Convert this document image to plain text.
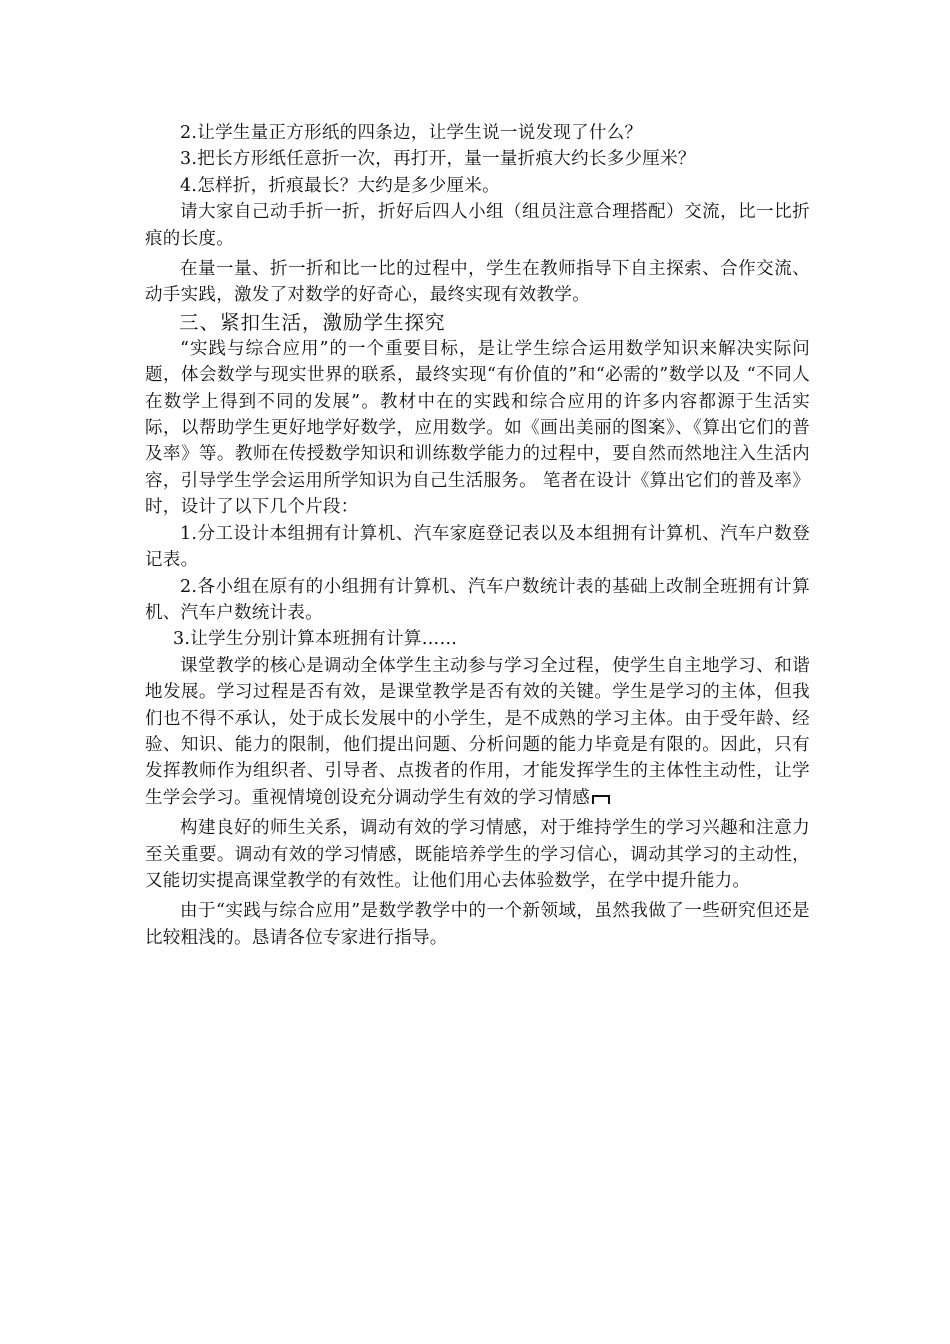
2.让学生量正方形纸的四条边，让学生说一说发现了什么？

3.把长方形纸任意折一次，再打开，量一量折痕大约长多少厘米？

4.怎样折，折痕最长？大约是多少厘米。

请大家自己动手折一折，折好后四人小组（组员注意合理搭配）交流，比一比折痕的长度。

在量一量、折一折和比一比的过程中，学生在教师指导下自主探索、合作交流、动手实践，激发了对数学的好奇心，最终实现有效教学。

三、紧扣生活，激励学生探究

“实践与综合应用”的一个重要目标，是让学生综合运用数学知识来解决实际问题，体会数学与现实世界的联系，最终实现“有价值的”和“必需的”数学以及 “不同人在数学上得到不同的发展”。教材中在的实践和综合应用的许多内容都源于生活实际，以帮助学生更好地学好数学，应用数学。如《画出美丽的图案》、《算出它们的普及率》等。教师在传授数学知识和训练数学能力的过程中，要自然而然地注入生活内容，引导学生学会运用所学知识为自己生活服务。 笔者在设计《算出它们的普及率》时，设计了以下几个片段：

1.分工设计本组拥有计算机、汽车家庭登记表以及本组拥有计算机、汽车户数登记表。

2.各小组在原有的小组拥有计算机、汽车户数统计表的基础上改制全班拥有计算机、汽车户数统计表。

3.让学生分别计算本班拥有计算……

课堂教学的核心是调动全体学生主动参与学习全过程，使学生自主地学习、和谐地发展。学习过程是否有效，是课堂教学是否有效的关键。学生是学习的主体，但我们也不得不承认，处于成长发展中的小学生，是不成熟的学习主体。由于受年龄、经验、知识、能力的限制，他们提出问题、分析问题的能力毕竟是有限的。因此，只有发挥教师作为组织者、引导者、点拨者的作用，才能发挥学生的主体性主动性，让学生学会学习。重视情境创设充分调动学生有效的学习情感

构建良好的师生关系，调动有效的学习情感，对于维持学生的学习兴趣和注意力至关重要。调动有效的学习情感，既能培养学生的学习信心，调动其学习的主动性，又能切实提高课堂教学的有效性。让他们用心去体验数学，在学中提升能力。

由于“实践与综合应用”是数学教学中的一个新领域，虽然我做了一些研究但还是比较粗浅的。恳请各位专家进行指导。
